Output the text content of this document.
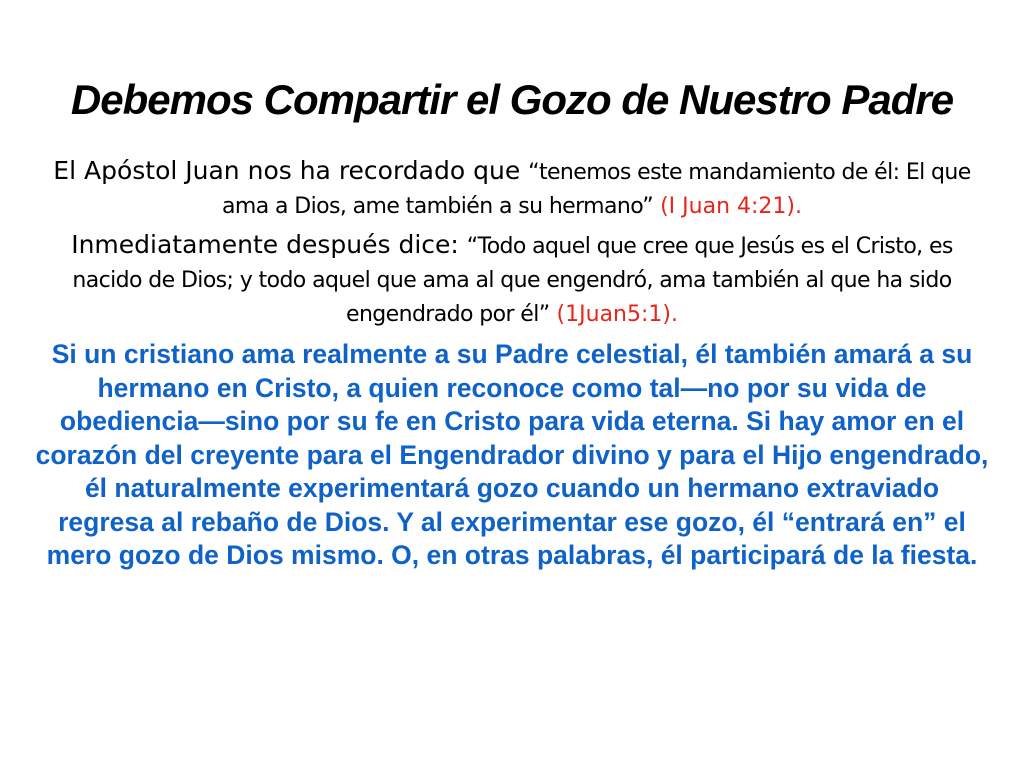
Debemos Compartir el Gozo de Nuestro Padre

El Apóstol Juan nos ha recordado que “tenemos este mandamiento de él: El que ama a Dios, ame también a su hermano” (I Juan 4:21).

Inmediatamente después dice: “Todo aquel que cree que Jesús es el Cristo, es nacido de Dios; y todo aquel que ama al que engendró, ama también al que ha sido engendrado por él” (1Juan5:1).

Si un cristiano ama realmente a su Padre celestial, él también amará a su hermano en Cristo, a quien reconoce como tal—no por su vida de obediencia—sino por su fe en Cristo para vida eterna. Si hay amor en el corazón del creyente para el Engendrador divino y para el Hijo engendrado, él naturalmente experimentará gozo cuando un hermano extraviado regresa al rebaño de Dios. Y al experimentar ese gozo, él “entrará en” el mero gozo de Dios mismo. O, en otras palabras, él participará de la fiesta.
